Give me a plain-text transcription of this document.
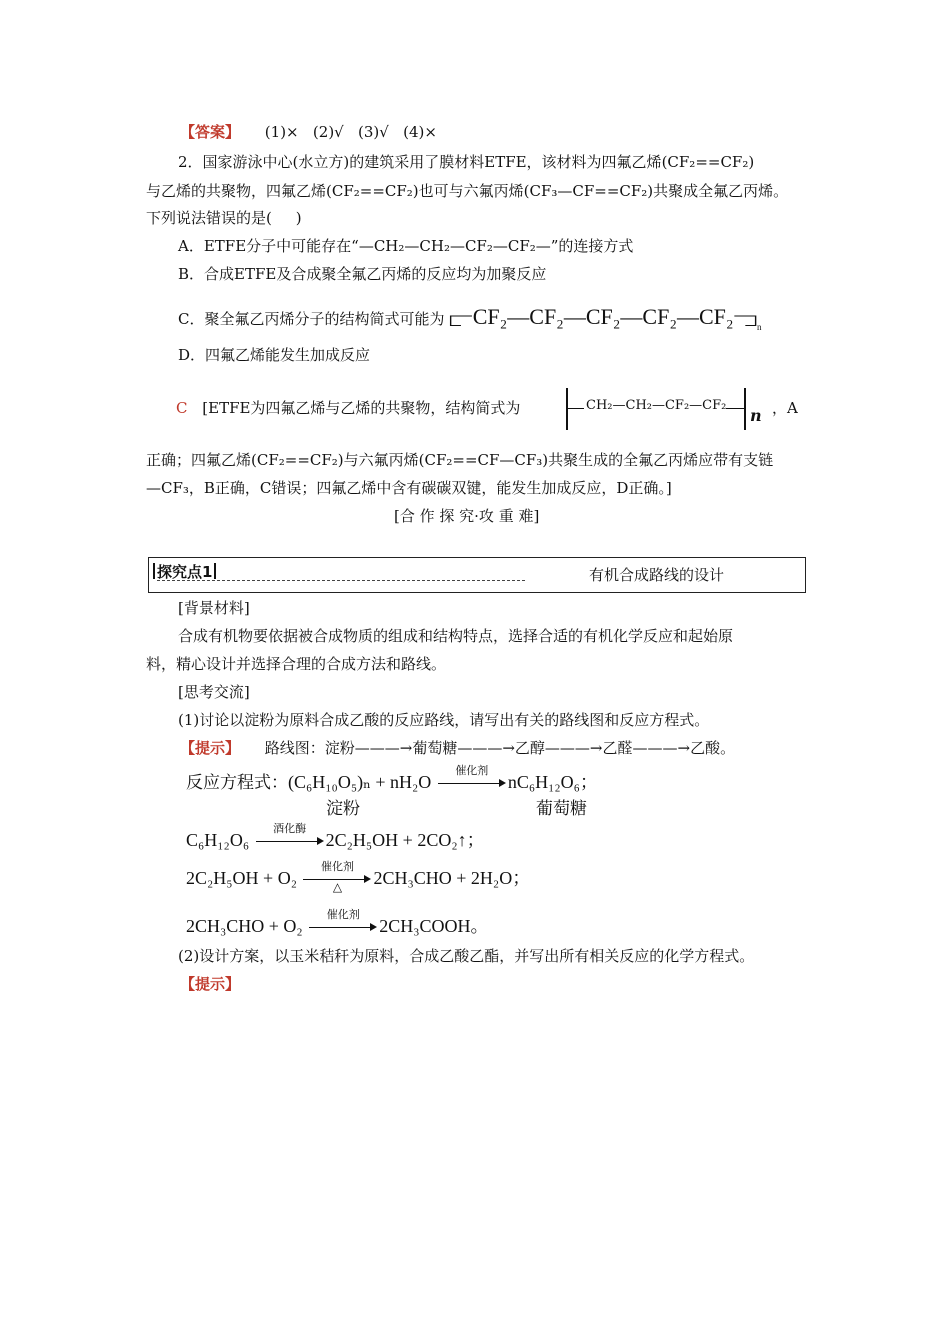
【答案】 (1)×   (2)√   (3)√   (4)×
2．国家游泳中心(水立方)的建筑采用了膜材料ETFE，该材料为四氟乙烯(CF₂==CF₂)
与乙烯的共聚物，四氟乙烯(CF₂==CF₂)也可与六氟丙烯(CF₃—CF==CF₂)共聚成全氟乙丙烯。
下列说法错误的是(     )
A．ETFE分子中可能存在“—CH₂—CH₂—CF₂—CF₂—”的连接方式
B．合成ETFE及合成聚全氟乙丙烯的反应均为加聚反应
C．聚全氟乙丙烯分子的结构简式可能为 $⫍CF_2—CF_2—CF_2—CF_2—CF_2⫎_n$
D．四氟乙烯能发生加成反应
C [ETFE为四氟乙烯与乙烯的共聚物，结构简式为	CH₂—CH₂—CF₂—CF₂
n ，A
正确；四氟乙烯(CF₂==CF₂)与六氟丙烯(CF₂==CF—CF₃)共聚生成的全氟乙丙烯应带有支链
—CF₃，B正确，C错误；四氟乙烯中含有碳碳双键，能发生加成反应，D正确。]
[合 作 探 究·攻 重 难]
探究点1	有机合成路线的设计
[背景材料]
合成有机物要依据被合成物质的组成和结构特点，选择合适的有机化学反应和起始原
料，精心设计并选择合理的合成方法和路线。
[思考交流]
(1)讨论以淀粉为原料合成乙酸的反应路线，请写出有关的路线图和反应方程式。
【提示】 路线图：淀粉———→葡萄糖———→乙醇———→乙醛———→乙酸。
反应方程式：(C₆H₁₀O₅)ₙ + nH₂O
催化剂
nC₆H₁₂O₆；
淀粉	葡萄糖
C₆H₁₂O₆
酒化酶
2C₂H₅OH + 2CO₂↑；
2C₂H₅OH + O₂
催化剂
△	2CH₃CHO + 2H₂O；
2CH₃CHO + O₂
催化剂
2CH₃COOH。
(2)设计方案，以玉米秸秆为原料，合成乙酸乙酯，并写出所有相关反应的化学方程式。
【提示】
